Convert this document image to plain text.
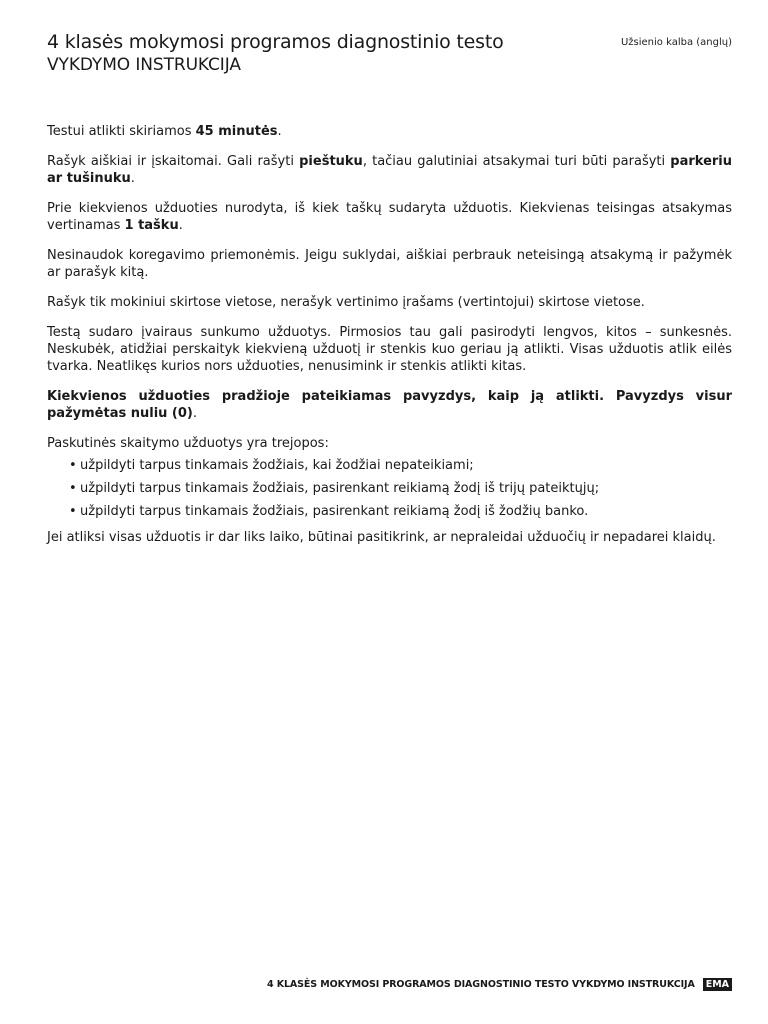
4 klasės mokymosi programos diagnostinio testo
VYKDYMO INSTRUKCIJA
Užsienio kalba (anglų)

Testui atlikti skiriamos 45 minutės.

Rašyk aiškiai ir įskaitomai. Gali rašyti pieštuku, tačiau galutiniai atsakymai turi būti parašyti parkeriu ar tušinuku.

Prie kiekvienos užduoties nurodyta, iš kiek taškų sudaryta užduotis. Kiekvienas teisingas atsakymas vertinamas 1 tašku.

Nesinaudok koregavimo priemonėmis. Jeigu suklydai, aiškiai perbrauk neteisingą atsakymą ir pažymėk ar parašyk kitą.

Rašyk tik mokiniui skirtose vietose, nerašyk vertinimo įrašams (vertintojui) skirtose vietose.

Testą sudaro įvairaus sunkumo užduotys. Pirmosios tau gali pasirodyti lengvos, kitos – sunkesnės. Neskubėk, atidžiai perskaityk kiekvieną užduotį ir stenkis kuo geriau ją atlikti. Visas užduotis atlik eilės tvarka. Neatlikęs kurios nors užduoties, nenusimink ir stenkis atlikti kitas.

Kiekvienos užduoties pradžioje pateikiamas pavyzdys, kaip ją atlikti. Pavyzdys visur pažymėtas nuliu (0).

Paskutinės skaitymo užduotys yra trejopos:

• užpildyti tarpus tinkamais žodžiais, kai žodžiai nepateikiami;
• užpildyti tarpus tinkamais žodžiais, pasirenkant reikiamą žodį iš trijų pateiktųjų;
• užpildyti tarpus tinkamais žodžiais, pasirenkant reikiamą žodį iš žodžių banko.

Jei atliksi visas užduotis ir dar liks laiko, būtinai pasitikrink, ar nepraleidai užduočių ir nepadarei klaidų.

4 KLASĖS MOKYMOSI PROGRAMOS DIAGNOSTINIO TESTO VYKDYMO INSTRUKCIJA	EMA
